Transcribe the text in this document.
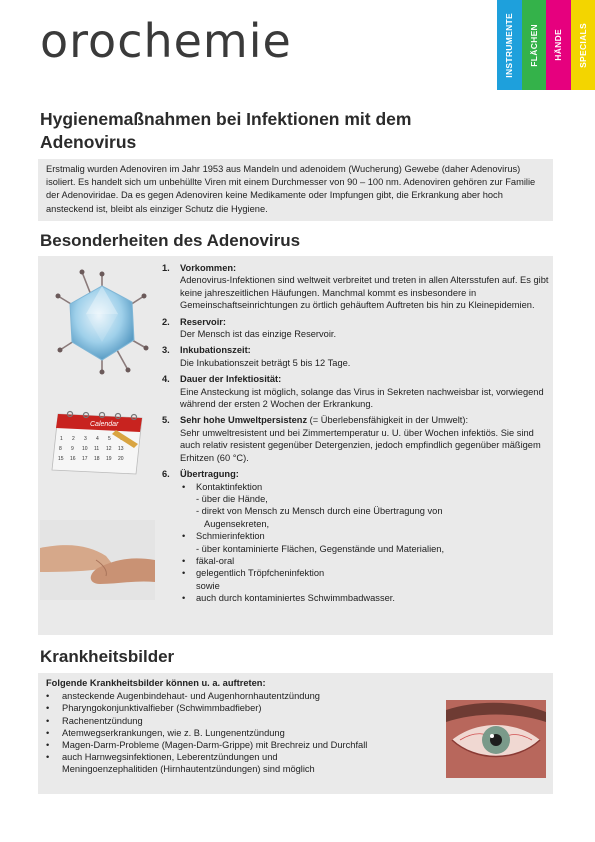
orochemie	INSTRUMENTE FLÄCHEN HÄNDE SPECIALS
Hygienemaßnahmen bei Infektionen mit dem Adenovirus
Erstmalig wurden Adenoviren im Jahr 1953 aus Mandeln und adenoidem (Wucherung) Gewebe (daher Adenovirus) isoliert. Es handelt sich um unbehüllte Viren mit einem Durchmesser von 90 – 100 nm. Adenoviren gehören zur Familie der Adenoviridae. Da es gegen Adenoviren keine Medikamente oder Impfungen gibt, die Erkrankung aber hoch ansteckend ist, bleibt als einziger Schutz die Hygiene.
Besonderheiten des Adenovirus
Calendar
1 2 3 4 5
8 9 10 11 12 13
15 16 17 18 19 20
1. Vorkommen:
Adenovirus-Infektionen sind weltweit verbreitet und treten in allen Altersstufen auf. Es gibt keine jahreszeitlichen Häufungen. Manchmal kommt es insbesondere in Gemeinschaftseinrichtungen zu örtlich gehäuftem Auftreten bis hin zu Kleinepidemien.
2. Reservoir:
Der Mensch ist das einzige Reservoir.
3. Inkubationszeit:
Die Inkubationszeit beträgt 5 bis 12 Tage.
4. Dauer der Infektiosität:
Eine Ansteckung ist möglich, solange das Virus in Sekreten nachweisbar ist, vorwiegend während der ersten 2 Wochen der Erkrankung.
5. Sehr hohe Umweltpersistenz (= Überlebensfähigkeit in der Umwelt):
Sehr umweltresistent und bei Zimmertemperatur u. U. über Wochen infektiös. Sie sind auch relativ resistent gegenüber Detergenzien, jedoch empfindlich gegenüber mäßigem Erhitzen (60 °C).
6. Übertragung:
• Kontaktinfektion
- über die Hände,
- direkt von Mensch zu Mensch durch eine Übertragung von
Augensekreten,
• Schmierinfektion
- über kontaminierte Flächen, Gegenstände und Materialien,
• fäkal-oral
• gelegentlich Tröpfcheninfektion
sowie
• auch durch kontaminiertes Schwimmbadwasser.
Krankheitsbilder
Folgende Krankheitsbilder können u. a. auftreten:
• ansteckende Augenbindehaut- und Augenhornhautentzündung
• Pharyngokonjunktivalfieber (Schwimmbadfieber)
• Rachenentzündung
• Atemwegserkrankungen, wie z. B. Lungenentzündung
• Magen-Darm-Probleme (Magen-Darm-Grippe) mit Brechreiz und Durchfall
• auch Harnwegsinfektionen, Leberentzündungen und Meningoenzephalitiden (Hirnhautentzündungen) sind möglich
